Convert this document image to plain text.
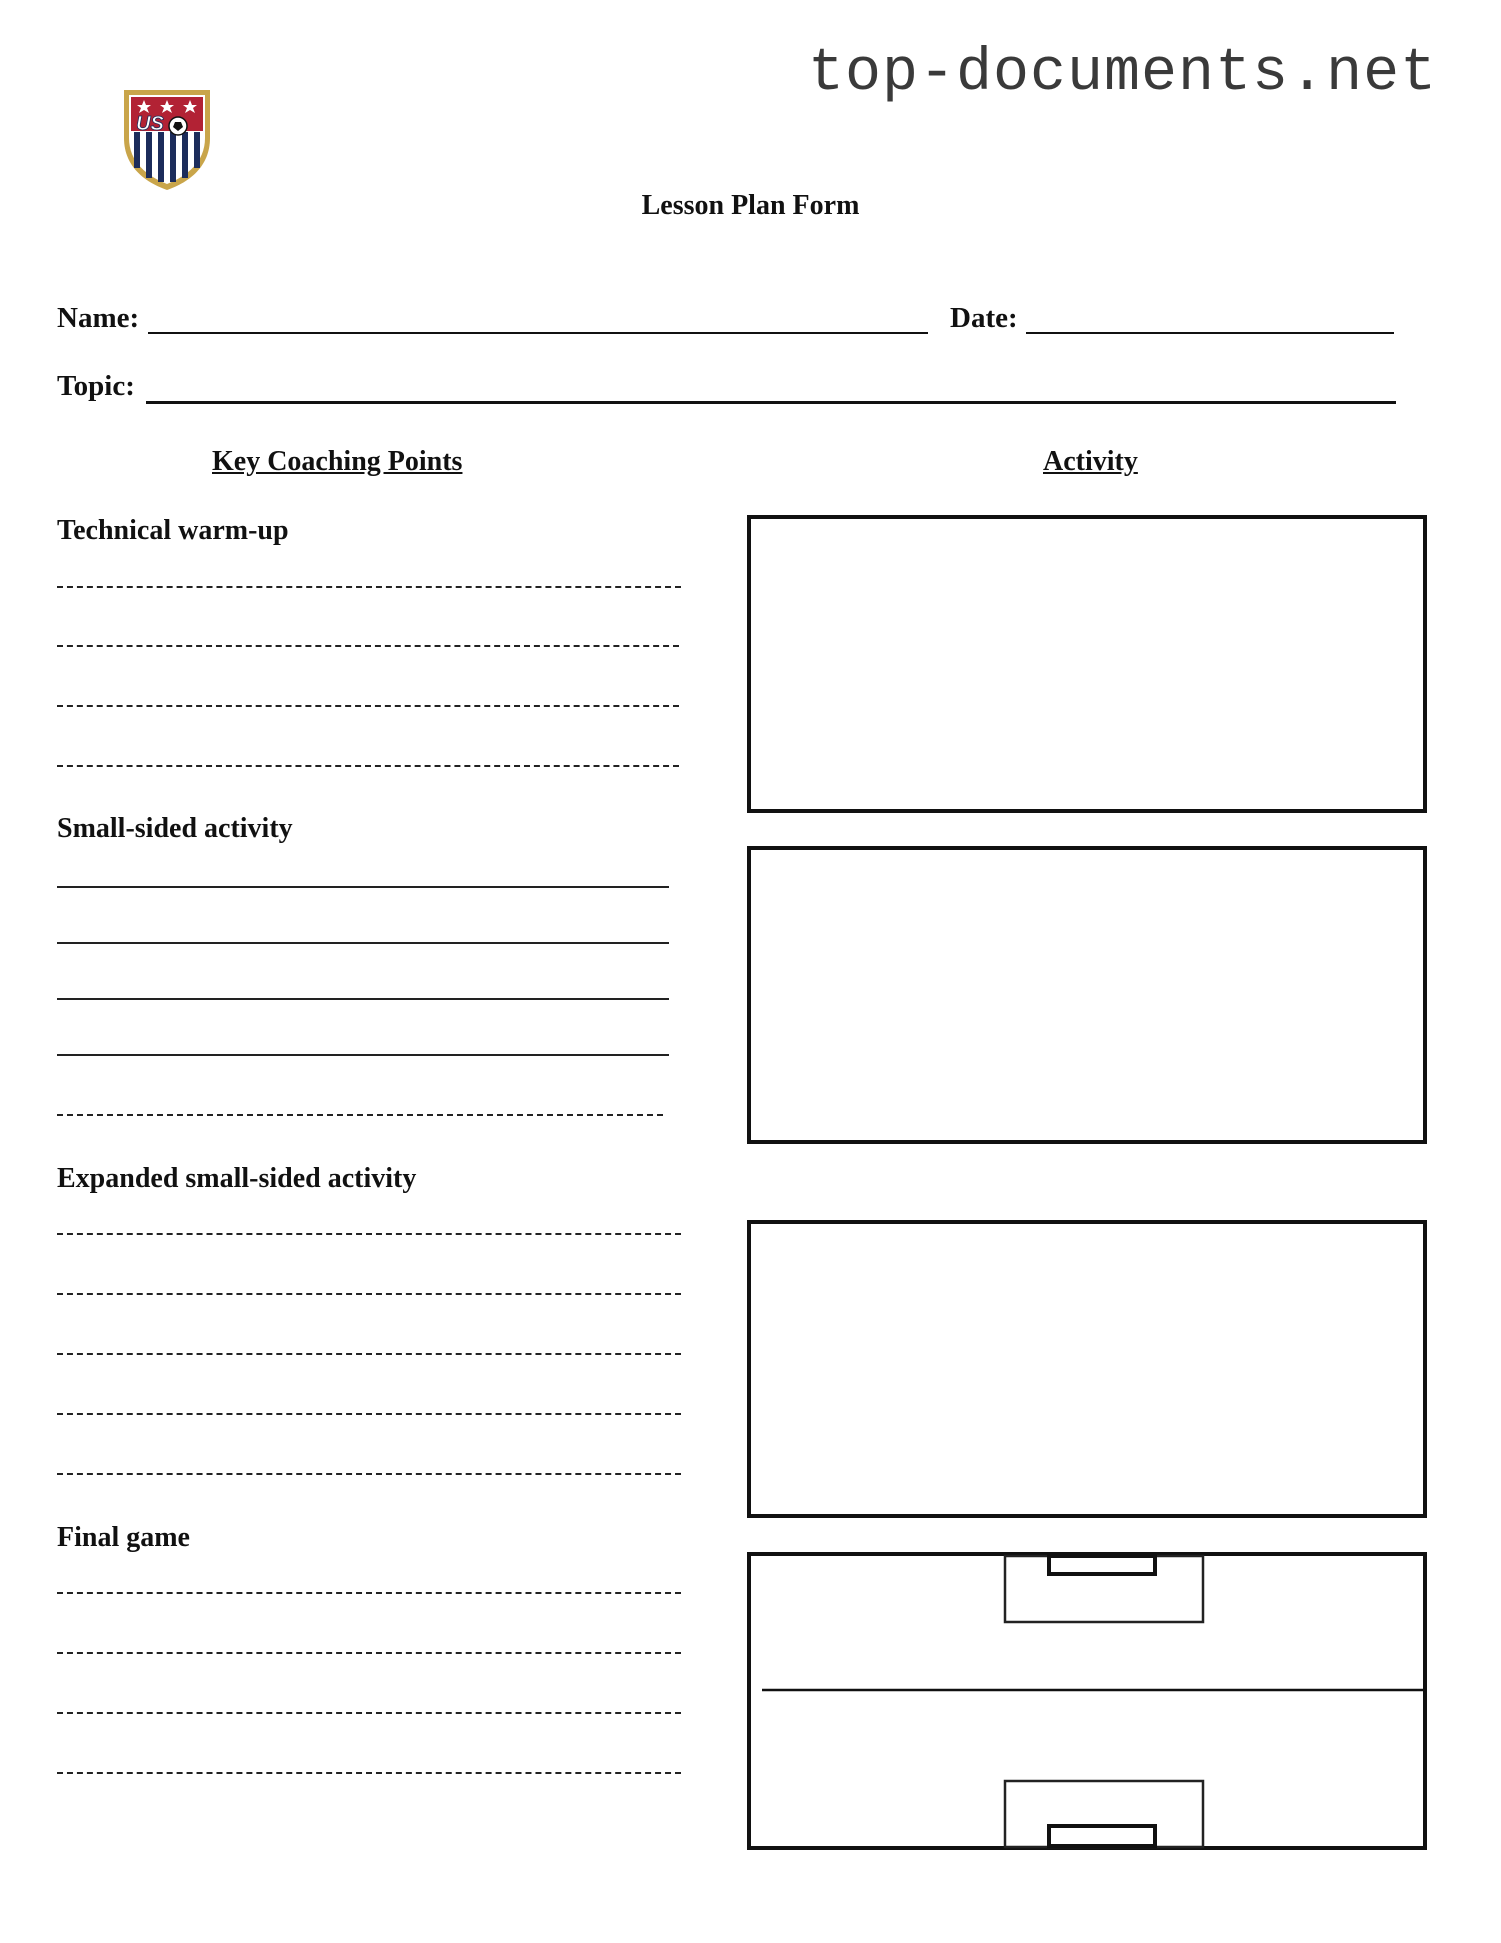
top-documents.net
US
Lesson Plan Form
Name:	Date:
Topic:
Key Coaching Points	Activity
Technical warm-up
Small-sided activity
Expanded small-sided activity
Final game
